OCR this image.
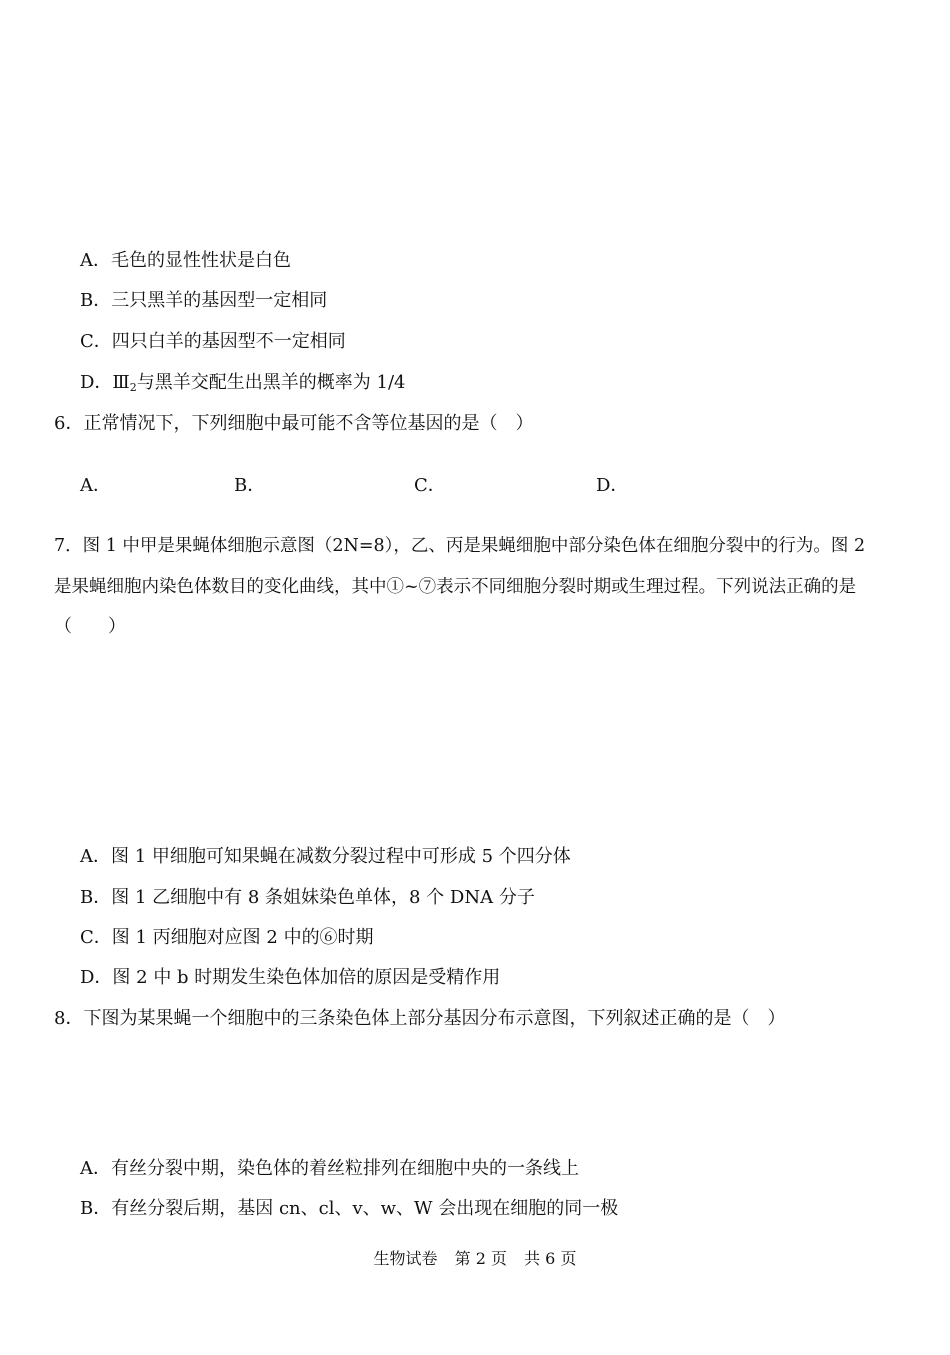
A．毛色的显性性状是白色
B．三只黑羊的基因型一定相同
C．四只白羊的基因型不一定相同
D．$Ⅲ_2$与黑羊交配生出黑羊的概率为 1/4
6．正常情况下，下列细胞中最可能不含等位基因的是（　）
A．	B．	C．	D．
7．图 1 中甲是果蝇体细胞示意图（2N=8），乙、丙是果蝇细胞中部分染色体在细胞分裂中的行为。图 2
是果蝇细胞内染色体数目的变化曲线，其中①~⑦表示不同细胞分裂时期或生理过程。下列说法正确的是
（　　）
A．图 1 甲细胞可知果蝇在减数分裂过程中可形成 5 个四分体
B．图 1 乙细胞中有 8 条姐妹染色单体，8 个 DNA 分子
C．图 1 丙细胞对应图 2 中的⑥时期
D．图 2 中 b 时期发生染色体加倍的原因是受精作用
8．下图为某果蝇一个细胞中的三条染色体上部分基因分布示意图，下列叙述正确的是（　）
A．有丝分裂中期，染色体的着丝粒排列在细胞中央的一条线上
B．有丝分裂后期，基因 cn、cl、v、w、W 会出现在细胞的同一极
生物试卷 第 2 页 共 6 页
